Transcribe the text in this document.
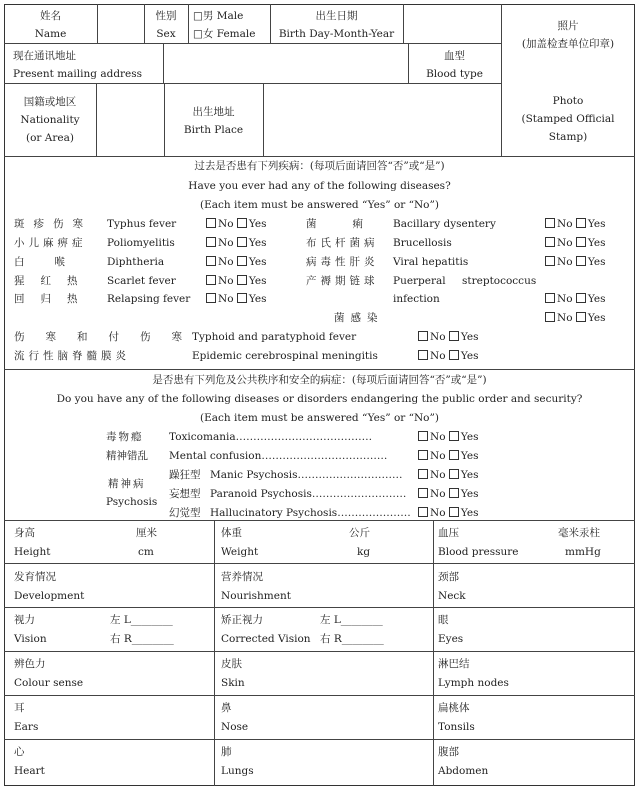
姓名
Name
性别
Sex
□男 Male
□女 Female
出生日期
Birth Day-Month-Year
照片
(加盖检查单位印章)
现在通讯地址
Present mailing address
血型
Blood type
国籍或地区
Nationality
(or Area)
出生地址
Birth Place
Photo
(Stamped Official
Stamp)
过去是否患有下列疾病：(每项后面请回答“否”或“是”)
Have you ever had any of the following diseases?
(Each item must be answered “Yes” or “No”)
斑疹伤寒 Typhus fever
小儿麻痹症 Poliomyelitis
白喉 Diphtheria
猩红热 Scarlet fever
回归热 Relapsing fever
No Yes
No Yes
No Yes
No Yes
No Yes
菌痢
Bacillary dysentery
布氏杆菌病 Brucellosis
病毒性肝炎 Viral hepatitis
产褥期链球 Puerperal streptococcus
infection
菌感染
No Yes
No Yes
No Yes
No Yes
No Yes
伤寒和付伤寒
Typhoid and paratyphoid fever
流行性脑脊髓膜炎	Epidemic cerebrospinal meningitis
No Yes
No Yes
是否患有下列危及公共秩序和安全的病症：(每项后面请回答“否”或“是”)
Do you have any of the following diseases or disorders endangering the public order and security?
(Each item must be answered “Yes” or “No”)
毒物瘾 Toxicomania…………………………………
精神错乱 Mental confusion………………………………
精神病
Psychosis
躁狂型 Manic Psychosis…………………………
妄想型 Paranoid Psychosis………………………
幻觉型 Hallucinatory Psychosis…………………
No Yes
No Yes
No Yes
No Yes
No Yes
身高
Height
厘米
cm
体重
Weight
公斤
kg
血压
Blood pressure
毫米汞柱
mmHg
发育情况
Development
营养情况
Nourishment
颈部
Neck
视力
Vision
左 L________
右 R________
矫正视力
Corrected Vision
左 L________
右 R________
眼
Eyes
辨色力
Colour sense
皮肤
Skin
淋巴结
Lymph nodes
耳
Ears
鼻
Nose
扁桃体
Tonsils
心
Heart
肺
Lungs
腹部
Abdomen
